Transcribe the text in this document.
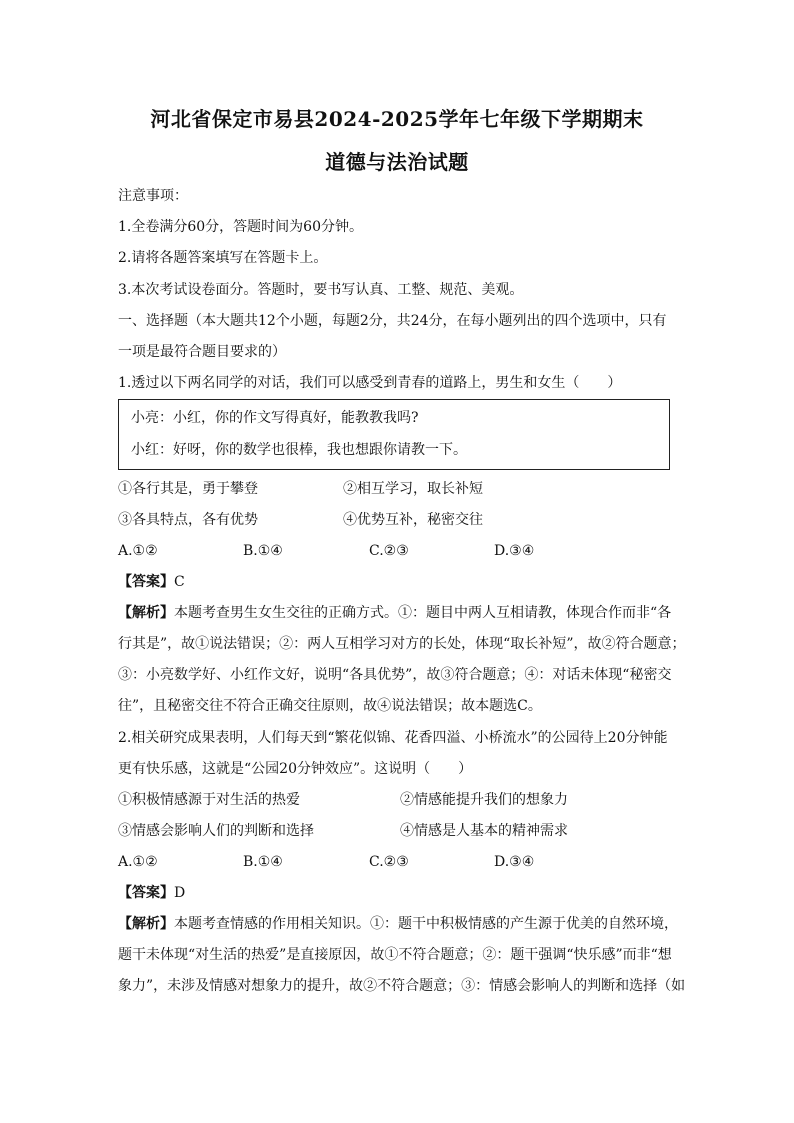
河北省保定市易县2024-2025学年七年级下学期期末
道德与法治试题
注意事项：
1.全卷满分60分，答题时间为60分钟。
2.请将各题答案填写在答题卡上。
3.本次考试设卷面分。答题时，要书写认真、工整、规范、美观。
一、选择题（本大题共12个小题，每题2分，共24分，在每小题列出的四个选项中，只有
一项是最符合题目要求的）
1.透过以下两名同学的对话，我们可以感受到青春的道路上，男生和女生（　　）
小亮：小红，你的作文写得真好，能教教我吗?
小红：好呀，你的数学也很棒，我也想跟你请教一下。
①各行其是，勇于攀登	②相互学习，取长补短
③各具特点，各有优势	④优势互补，秘密交往
A.①②	B.①④	C.②③	D.③④
【答案】C
【解析】本题考查男生女生交往的正确方式。①：题目中两人互相请教，体现合作而非“各
行其是”，故①说法错误；②：两人互相学习对方的长处，体现“取长补短”，故②符合题意；
③：小亮数学好、小红作文好，说明“各具优势”，故③符合题意；④：对话未体现“秘密交
往”，且秘密交往不符合正确交往原则，故④说法错误；故本题选C。
2.相关研究成果表明，人们每天到“繁花似锦、花香四溢、小桥流水”的公园待上20分钟能
更有快乐感，这就是“公园20分钟效应”。这说明（　　）
①积极情感源于对生活的热爱	②情感能提升我们的想象力
③情感会影响人们的判断和选择	④情感是人基本的精神需求
A.①②	B.①④	C.②③	D.③④
【答案】D
【解析】本题考查情感的作用相关知识。①：题干中积极情感的产生源于优美的自然环境，
题干未体现“对生活的热爱”是直接原因，故①不符合题意；②：题干强调“快乐感”而非“想
象力”，未涉及情感对想象力的提升，故②不符合题意；③：情感会影响人的判断和选择（如
